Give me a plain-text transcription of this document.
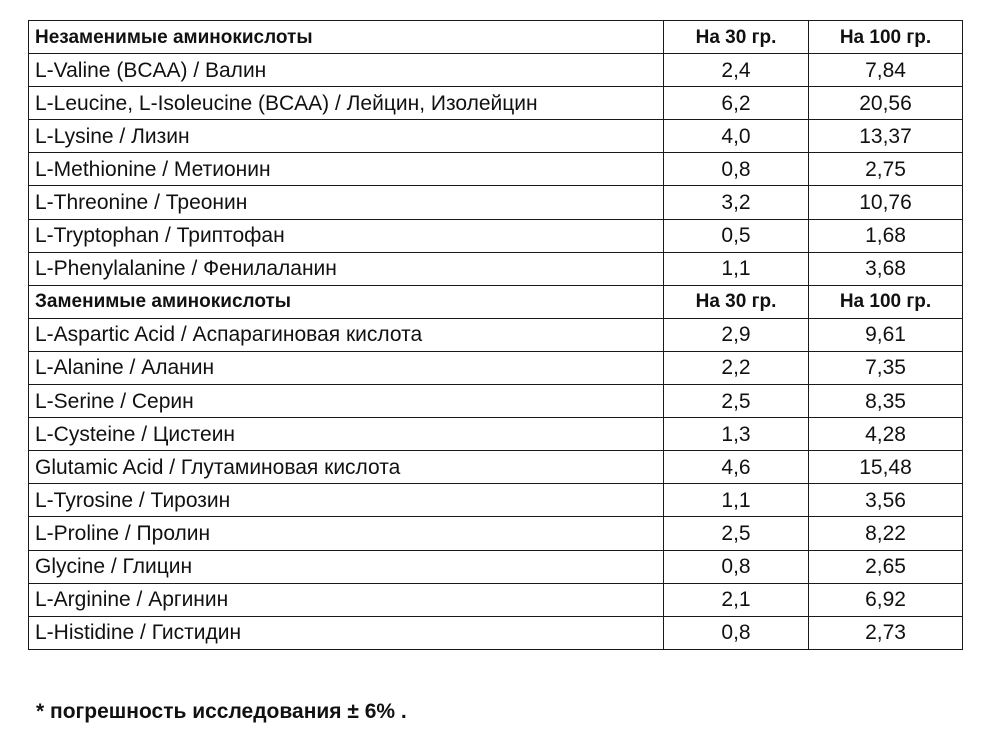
Незаменимые аминокислоты	На 30 гр.	На 100 гр.
L-Valine (BCAA) / Валин	2,4	7,84
L-Leucine, L-Isoleucine (BCAA) / Лейцин, Изолейцин	6,2	20,56
L-Lysine / Лизин	4,0	13,37
L-Methionine / Метионин	0,8	2,75
L-Threonine / Треонин	3,2	10,76
L-Tryptophan / Триптофан	0,5	1,68
L-Phenylalanine / Фенилаланин	1,1	3,68
Заменимые аминокислоты	На 30 гр.	На 100 гр.
L-Aspartic Acid / Аспарагиновая кислота	2,9	9,61
L-Alanine / Аланин	2,2	7,35
L-Serine / Серин	2,5	8,35
L-Cysteine / Цистеин	1,3	4,28
Glutamic Acid / Глутаминовая кислота	4,6	15,48
L-Tyrosine / Тирозин	1,1	3,56
L-Proline / Пролин	2,5	8,22
Glycine / Глицин	0,8	2,65
L-Arginine / Аргинин	2,1	6,92
L-Histidine / Гистидин	0,8	2,73
* погрешность исследования ± 6% .
